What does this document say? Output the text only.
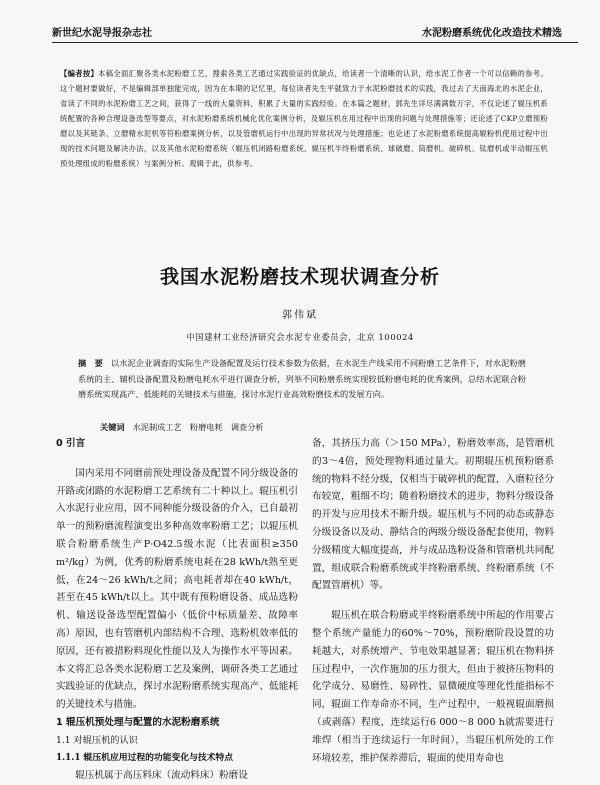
新世纪水泥导报杂志社	水泥粉磨系统优化改造技术精选
【编者按】本稿全面汇聚各类水泥粉磨工艺，搜索各类工艺通过实践验证的优缺点，给读者一个清晰的认识，给水泥工作者一个可以信赖的参考。这个题材要做好，不是编辑部单独能完成，因为在本期的记忆里，每位读者先生平就致力于水泥粉磨技术的实践，我过去了天南海北的水泥企业，省读了不同的水泥粉磨工艺之间，获得了一线的大量资料，积累了大量的实践经验。在本篇之题材，郭先生详尽满满数万字，不仅论述了辊压机系统配置的各种合理设备选型等要点，对水泥粉磨系统机械化优化案例分析，及辊压机在用过程中出现的问题与处理措施等；还论述了CKP立磨预粉磨以及其链条、立磨精水泥机等符粉磨案例分析，以及管磨机运行中出现的异常状况与处理措施；也论述了水泥粉磨系统提高辊粉机使用过程中出现的技术问题及解决办法，以及其他水泥粉磨系统（辊压机闭路粉磨系统、辊压机半终粉磨系统、球破磨、筒磨机、破碎机、钛磨机或半动辊压机预处理组成的粉磨系统）与案例分析。观辑于此，供参考。
我国水泥粉磨技术现状调查分析
郭伟斌
中国建材工业经济研究会水泥专业委员会，北京 100024
摘　要 以水泥企业调查的实际生产设备配置及运行技术参数为依据，在水泥生产线采用不同粉磨工艺条件下，对水泥粉磨系统的主、辅机设备配置及粉磨电耗水平进行调查分析，列举不同粉磨系统实现较低粉磨电耗的优秀案例，总结水泥联合粉磨系统实现高产、低能耗的关键技术与措施，探讨水泥行业高效粉磨技术的发展方向。
关键词 水泥制成工艺　粉磨电耗　调查分析

0 引言

国内采用不同磨前预处理设备及配置不同分级设备的开路或闭路的水泥粉磨工艺系统有二十种以上。辊压机引入水泥行业应用，因不同种能分级设备的介入，已自最初单一的预粉磨流程演变出多种高效率粉磨工艺；以辊压机联合粉磨系统生产P·O42.5级水泥（比表面积≥350 m²/kg）为例，优秀的粉磨系统电耗在28 kWh/t熟至更低，在24～26 kWh/t之间；高电耗者却在40 kWh/t，甚至在45 kWh/t以上。其中既有预粉磨设备、成品选粉机、输送设备选型配置偏小（低价中标质量差、故障率高）原因，也有管磨机内部结构不合理、选粉机效率低的原因，还有被措粉料现化性能以及人为操作水平等因素。本文将汇总各类水泥粉磨工艺及案例，调研各类工艺通过实践验证的优缺点，探讨水泥粉磨系统实现高产、低能耗的关键技术与措施。

1 辊压机预处理与配置的水泥粉磨系统

1.1 对辊压机的认识

1.1.1 辊压机应用过程的功能变化与技术特点

辊压机属于高压料床（流动料床）粉磨设

备，其挤压力高（＞150 MPa），粉磨效率高，是管磨机的3～4倍，预处理物料通过量大。初期辊压机预粉磨系统的物料不经分级，仅相当于破碎机的配置，入磨粒径分布较宽，粗细不均；随着粉磨技术的进步，物料分级设备的开发与应用技术不断升级。辊压机与不同的动态或静态分级设备以及动、静结合的两级分级设备配套使用，物料分级精度大幅度提高，并与成品选粉设备和管磨机共同配置，组成联合粉磨系统或半终粉磨系统、终粉磨系统（不配置管磨机）等。

辊压机在联合粉磨或半终粉磨系统中所起的作用要占整个系统产量能力的60%～70%，预粉磨阶段设置的功耗越大，对系统增产、节电效果越显著；辊压机在物料挤压过程中，一次作施加的压力很大，但由于被挤压物料的化学成分、易磨性、易碎性、显微硬度等理化性能指标不同，辊面工作寿命亦不同，生产过程中，一般视辊面磨损（或剥落）程度，连续运行6 000～8 000 h就需要进行堆焊（相当于连续运行一年时间），当辊压机所处的工作环境较差，维护保养滞后，辊面的使用寿命也
